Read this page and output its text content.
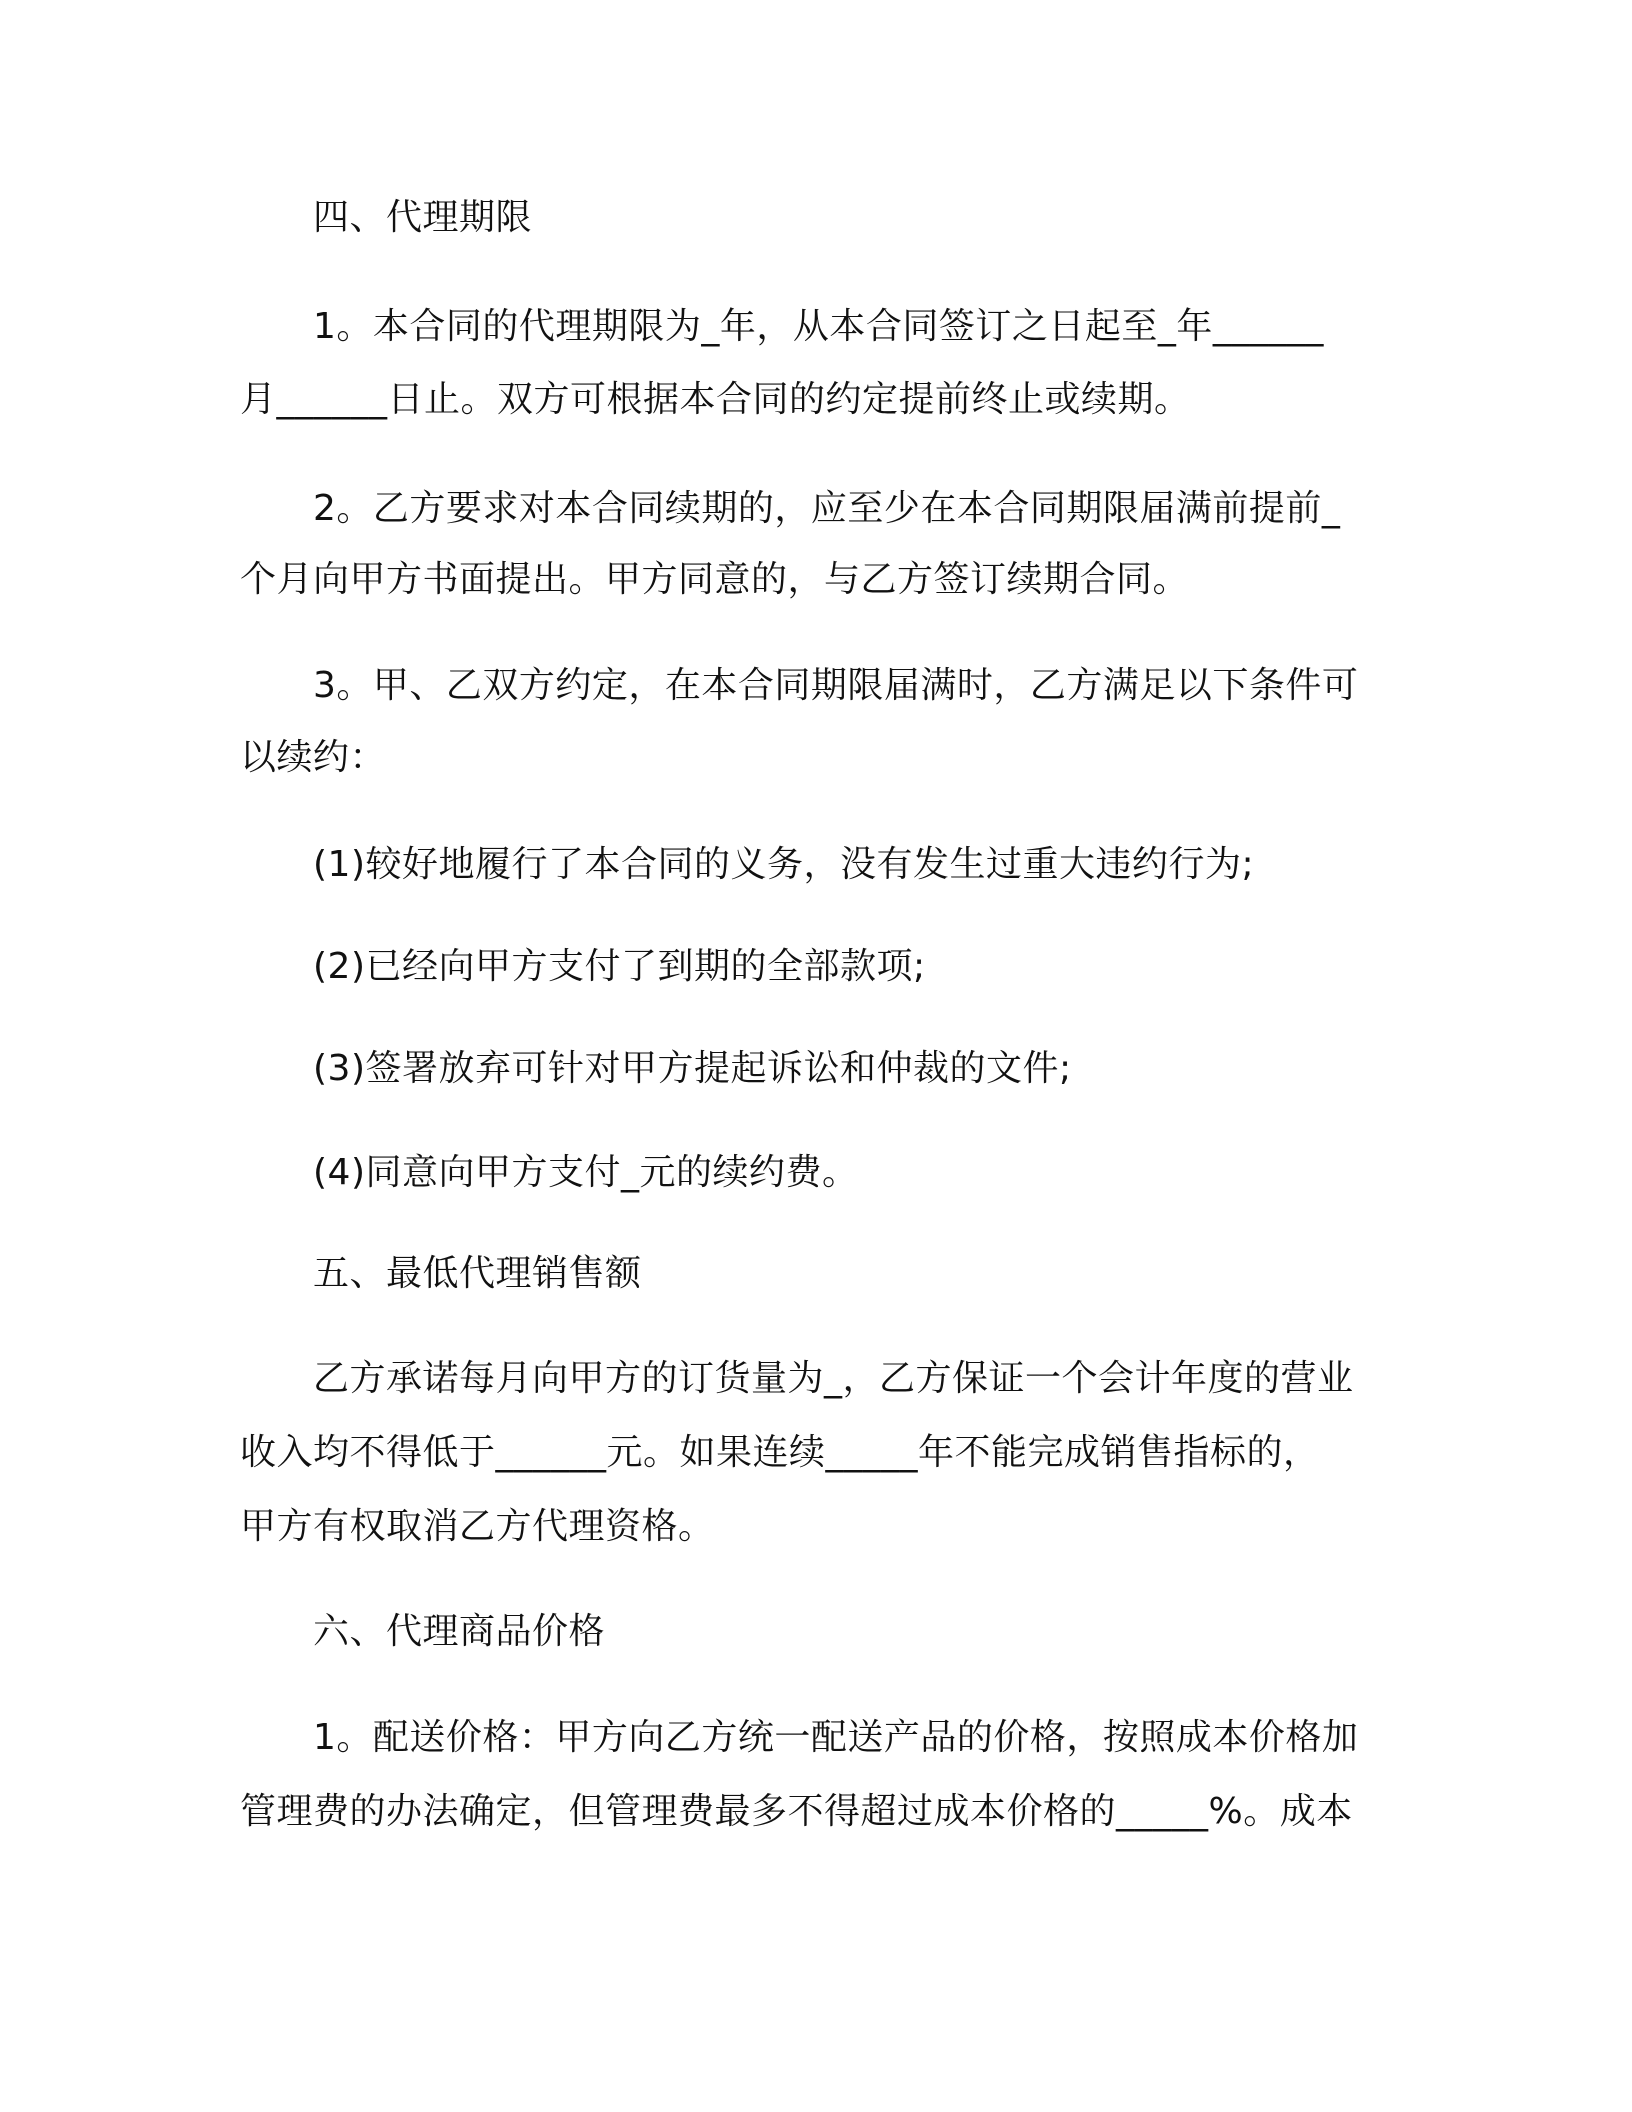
四、代理期限
1。本合同的代理期限为_年，从本合同签订之日起至_年______
月______日止。双方可根据本合同的约定提前终止或续期。
2。乙方要求对本合同续期的，应至少在本合同期限届满前提前_
个月向甲方书面提出。甲方同意的，与乙方签订续期合同。
3。甲、乙双方约定，在本合同期限届满时，乙方满足以下条件可
以续约：
(1)较好地履行了本合同的义务，没有发生过重大违约行为;
(2)已经向甲方支付了到期的全部款项;
(3)签署放弃可针对甲方提起诉讼和仲裁的文件;
(4)同意向甲方支付_元的续约费。
五、最低代理销售额
乙方承诺每月向甲方的订货量为_，乙方保证一个会计年度的营业
收入均不得低于______元。如果连续_____年不能完成销售指标的，
甲方有权取消乙方代理资格。
六、代理商品价格
1。配送价格：甲方向乙方统一配送产品的价格，按照成本价格加
管理费的办法确定，但管理费最多不得超过成本价格的_____%。成本
